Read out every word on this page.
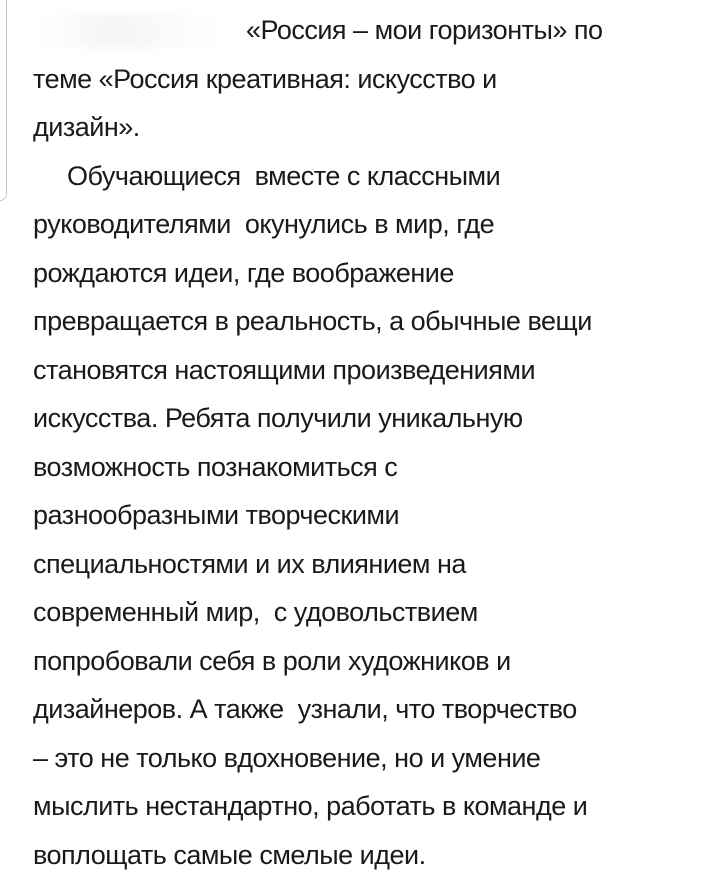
«Россия – мои горизонты» по
теме «Россия креативная: искусство и
дизайн».
Обучающиеся  вместе с классными
руководителями  окунулись в мир, где
рождаются идеи, где воображение
превращается в реальность, а обычные вещи
становятся настоящими произведениями
искусства. Ребята получили уникальную
возможность познакомиться с
разнообразными творческими
специальностями и их влиянием на
современный мир,  с удовольствием
попробовали себя в роли художников и
дизайнеров. А также  узнали, что творчество
– это не только вдохновение, но и умение
мыслить нестандартно, работать в команде и
воплощать самые смелые идеи.
